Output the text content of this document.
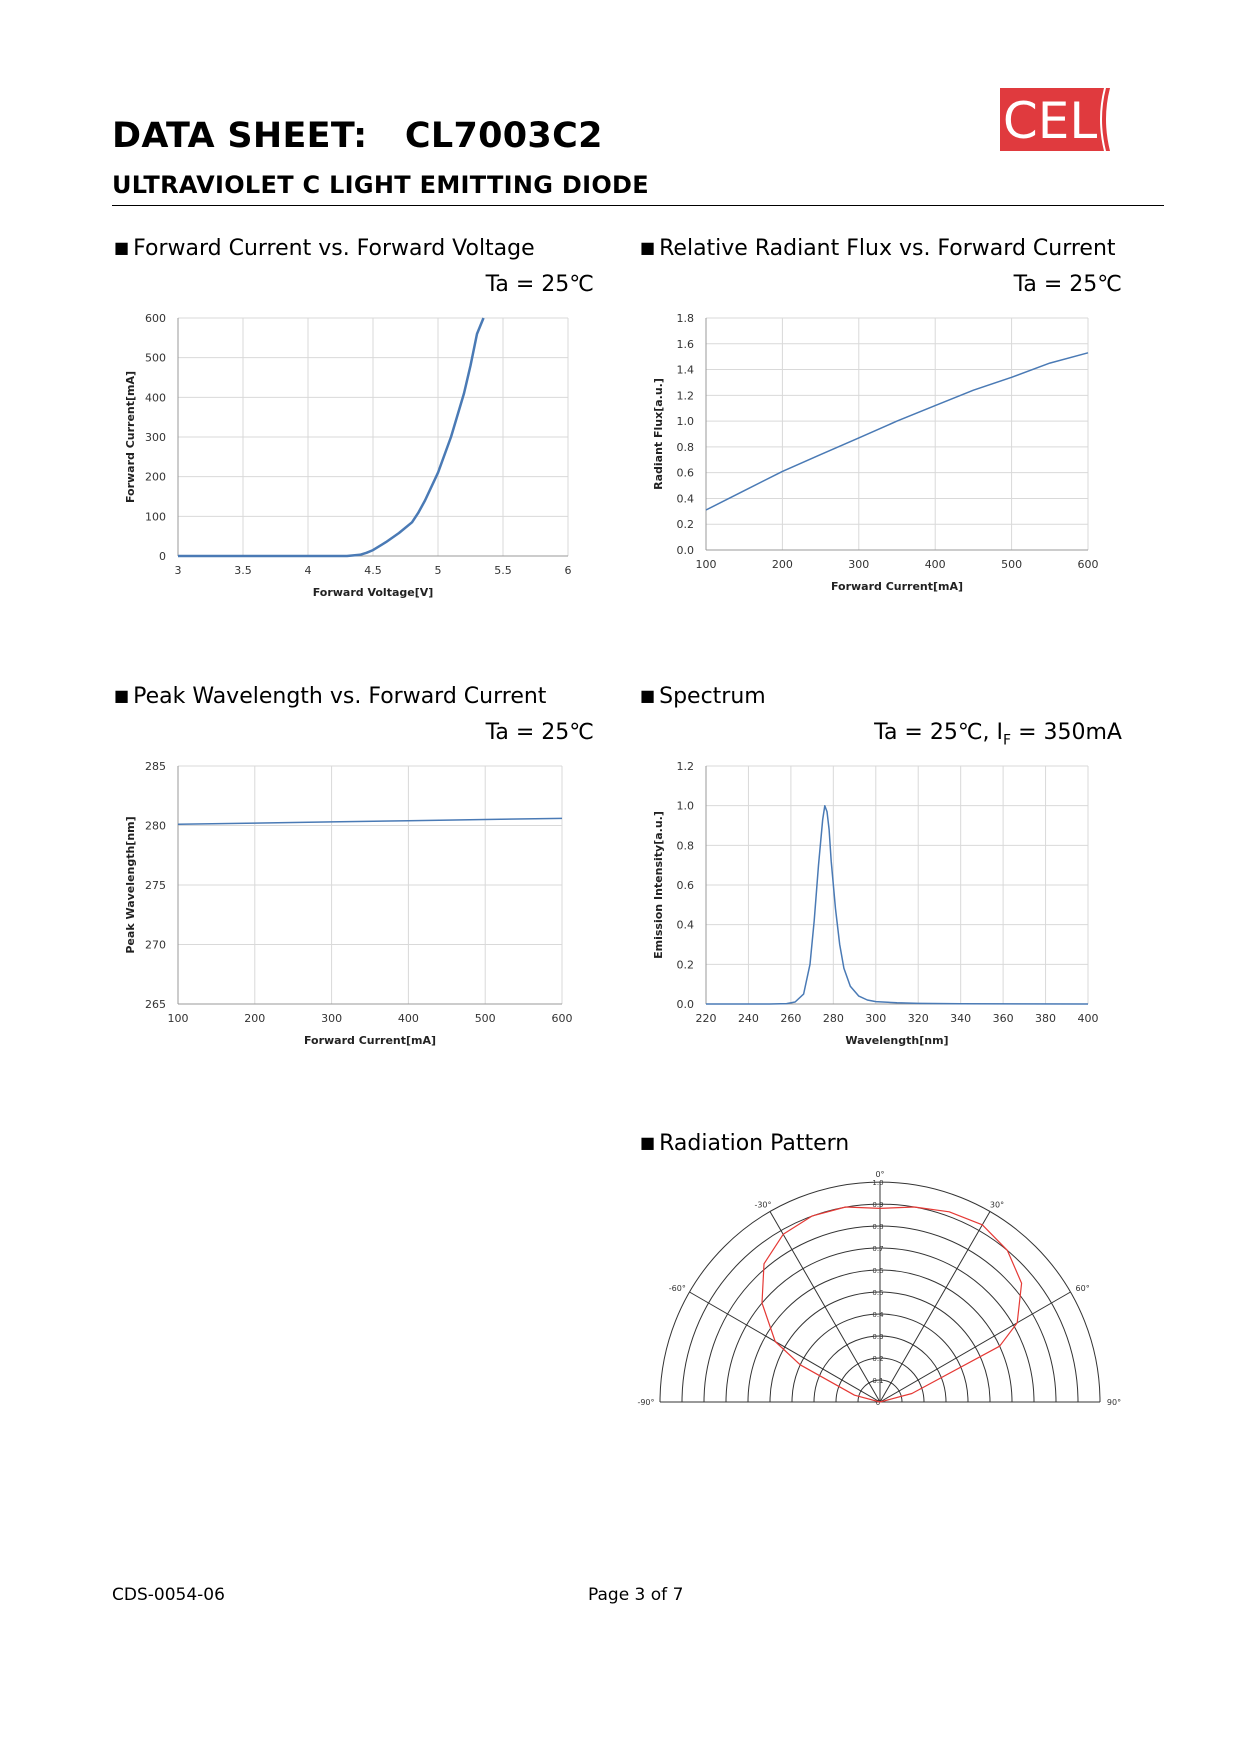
DATA SHEET:   CL7003C2
ULTRAVIOLET C LIGHT EMITTING DIODE
CEL
■ Forward Current vs. Forward Voltage
Ta = 25℃
3	3.5	4	4.5	5	5.5	6
0
100
200
300
400
500
600
Forward Voltage[V]
Forward Current[mA]
■ Relative Radiant Flux vs. Forward Current
Ta = 25℃
100	200	300	400	500	600
0.0
0.2
0.4
0.6
0.8
1.0
1.2
1.4
1.6
1.8
Forward Current[mA]
Radiant Flux[a.u.]
■ Peak Wavelength vs. Forward Current
Ta = 25℃
100	200	300	400	500	600
265
270
275
280
285
Forward Current[mA]
Peak Wavelength[nm]
■ Spectrum
Ta = 25℃, $I_F = 350mA$
220 240 260 280 300 320 340 360 380 400
0.0
0.2
0.4
0.6
0.8
1.0
1.2
Wavelength[nm]
Emission Intensity[a.u.]
■ Radiation Pattern
-90°
-60°
-30°
0°
30°
60°
90°
0
0.1
0.2
0.3
0.4
0.5
0.6
0.7
0.8
0.9
1.0
CDS-0054-06	Page 3 of 7
